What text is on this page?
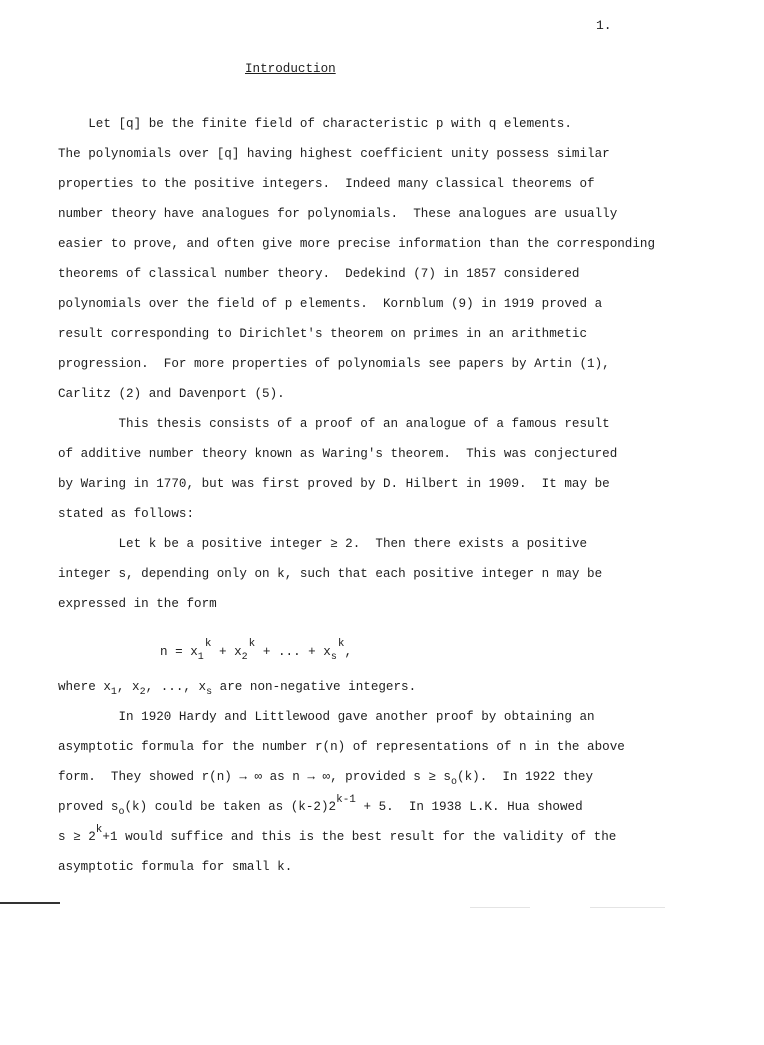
1.
Introduction
Let [q] be the finite field of characteristic p with q elements.
The polynomials over [q] having highest coefficient unity possess similar
properties to the positive integers.  Indeed many classical theorems of
number theory have analogues for polynomials.  These analogues are usually
easier to prove, and often give more precise information than the corresponding
theorems of classical number theory.  Dedekind (7) in 1857 considered
polynomials over the field of p elements.  Kornblum (9) in 1919 proved a
result corresponding to Dirichlet's theorem on primes in an arithmetic
progression.  For more properties of polynomials see papers by Artin (1),
Carlitz (2) and Davenport (5).
This thesis consists of a proof of an analogue of a famous result
of additive number theory known as Waring's theorem.  This was conjectured
by Waring in 1770, but was first proved by D. Hilbert in 1909.  It may be
stated as follows:
Let k be a positive integer ≥ 2.  Then there exists a positive
integer s, depending only on k, such that each positive integer n may be
expressed in the form
$n = x_1k + x_2k$ + ... + $x_sk$,
where $x_1$, $x_2$, ..., $x_s$ are non-negative integers.
In 1920 Hardy and Littlewood gave another proof by obtaining an
asymptotic formula for the number r(n) of representations of n in the above
form.  They showed r(n) → ∞ as n → ∞, provided $s \ge s_o(k)$.  In 1922 they
proved $s_o(k)$ could be taken as (k-2)2k-1 + 5.  In 1938 L.K. Hua showed
s ≥ 2k+1 would suffice and this is the best result for the validity of the
asymptotic formula for small k.
